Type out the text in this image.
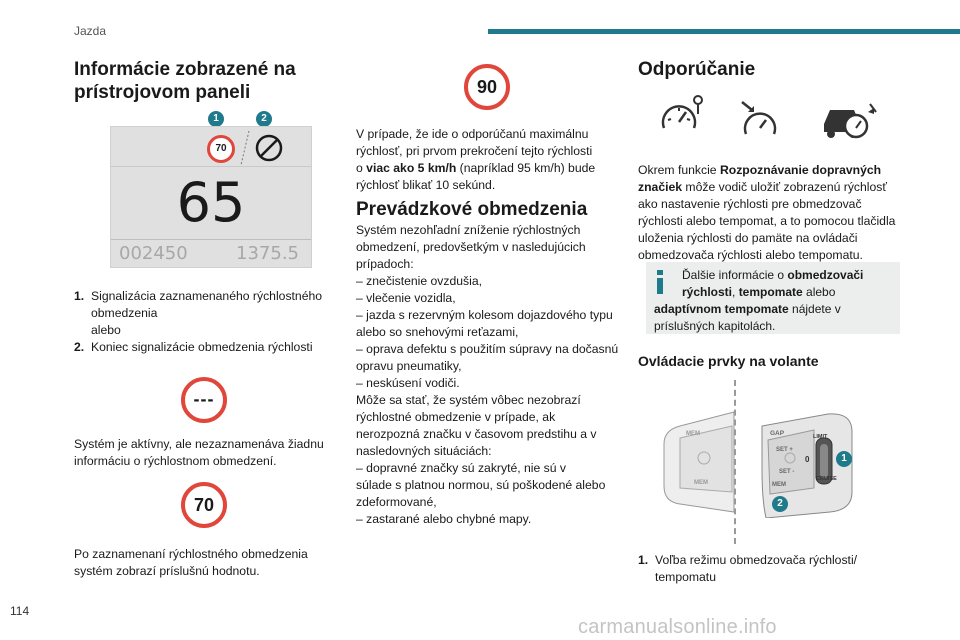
Jazda
Informácie zobrazené na
prístrojovom paneli
1	2
70
65
002450	1375.5
1. Signalizácia zaznamenaného rýchlostného
obmedzenia
alebo
2. Koniec signalizácie obmedzenia rýchlosti
---
Systém je aktívny, ale nezaznamenáva žiadnu
informáciu o rýchlostnom obmedzení.
70
Po zaznamenaní rýchlostného obmedzenia
systém zobrazí príslušnú hodnotu.
90
V prípade, že ide o odporúčanú maximálnu
rýchlosť, pri prvom prekročení tejto rýchlosti
o viac ako 5 km/h (napríklad 95 km/h) bude
rýchlosť blikať 10 sekúnd.
Prevádzkové obmedzenia
Systém nezohľadní zníženie rýchlostných
obmedzení, predovšetkým v nasledujúcich
prípadoch:
– znečistenie ovzdušia,
– vlečenie vozidla,
– jazda s rezervným kolesom dojazdového typu
alebo so snehovými reťazami,
– oprava defektu s použitím súpravy na dočasnú
opravu pneumatiky,
– neskúsení vodiči.
Môže sa stať, že systém vôbec nezobrazí
rýchlostné obmedzenie v prípade, ak
nerozpozná značku v časovom predstihu a v
nasledovných situáciách:
– dopravné značky sú zakryté, nie sú v
súlade s platnou normou, sú poškodené alebo
zdeformované,
– zastarané alebo chybné mapy.
Odporúčanie
Okrem funkcie Rozpoznávanie dopravných
značiek môže vodič uložiť zobrazenú rýchlosť
ako nastavenie rýchlosti pre obmedzovač
rýchlosti alebo tempomat, a to pomocou tlačidla
uloženia rýchlosti do pamäte na ovládači
obmedzovača rýchlosti alebo tempomatu.
Ďalšie informácie o obmedzovači
rýchlosti, tempomate alebo
adaptívnom tempomate nájdete v
príslušných kapitolách.
Ovládacie prvky na volante
MEM
MEM
GAP
SET +
SET -
LIMIT
CRUISE
0
MEM
1
2
1. Voľba režimu obmedzovača rýchlosti/
tempomatu
114
carmanualsonline.info
